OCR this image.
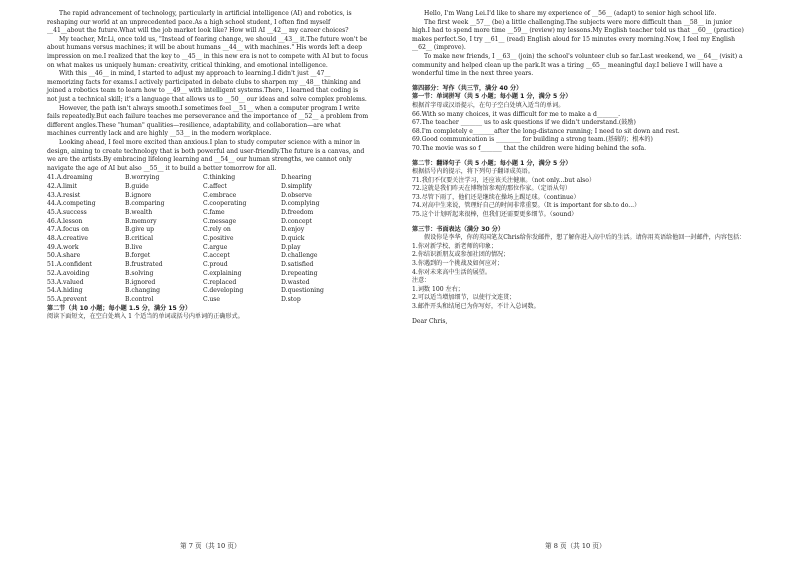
The rapid advancement of technology, particularly in artificial intelligence (AI) and robotics, is reshaping our world at an unprecedented pace.As a high school student, I often find myself __41__about the future.What will the job market look like? How will AI __42__ my career choices?

My teacher, Mr.Li, once told us, "Instead of fearing change, we should __43__ it.The future won't be about humans versus machines; it will be about humans __44__ with machines." His words left a deep impression on me.I realized that the key to __45__ in this new era is not to compete with AI but to focus on what makes us uniquely human: creativity, critical thinking, and emotional intelligence.

With this __46__ in mind, I started to adjust my approach to learning.I didn't just __47__ memorizing facts for exams.I actively participated in debate clubs to sharpen my __48__ thinking and joined a robotics team to learn how to __49__ with intelligent systems.There, I learned that coding is not just a technical skill; it's a language that allows us to __50__ our ideas and solve complex problems.

However, the path isn't always smooth.I sometimes feel __51__ when a computer program I write fails repeatedly.But each failure teaches me perseverance and the importance of __52__ a problem from different angles.These "human" qualities—resilience, adaptability, and collaboration—are what machines currently lack and are highly __53__ in the modern workplace.

Looking ahead, I feel more excited than anxious.I plan to study computer science with a minor in design, aiming to create technology that is both powerful and user-friendly.The future is a canvas, and we are the artists.By embracing lifelong learning and __54__ our human strengths, we cannot only navigate the age of AI but also __55__ it to build a better tomorrow for all.

41.A.dreaming	B.worrying	C.thinking	D.hearing
42.A.limit	B.guide	C.affect	D.simplify
43.A.resist	B.ignore	C.embrace	D.observe
44.A.competing	B.comparing	C.cooperating	D.complying
45.A.success	B.wealth	C.fame	D.freedom
46.A.lesson	B.memory	C.message	D.concept
47.A.focus on	B.give up	C.rely on	D.enjoy
48.A.creative	B.critical	C.positive	D.quick
49.A.work	B.live	C.argue	D.play
50.A.share	B.forget	C.accept	D.challenge
51.A.confident	B.frustrated	C.proud	D.satisfied
52.A.avoiding	B.solving	C.explaining	D.repeating
53.A.valued	B.ignored	C.replaced	D.wasted
54.A.hiding	B.changing	C.developing	D.questioning
55.A.prevent	B.control	C.use	D.stop

第二节（共 10 小题；每小题 1.5 分，满分 15 分）

阅读下面短文，在空白处填入 1 个适当的单词或括号内单词的正确形式。

第 7 页（共 10 页）

Hello, I'm Wang Lei.I'd like to share my experience of __56__ (adapt) to senior high school life.

The first week __57__ (be) a little challenging.The subjects were more difficult than __58__ in junior high.I had to spend more time __59__ (review) my lessons.My English teacher told us that __60__ (practice) makes perfect.So, I try __61__ (read) English aloud for 15 minutes every morning.Now, I feel my English __62__ (improve).

To make new friends, I __63__ (join) the school's volunteer club so far.Last weekend, we __64__ (visit) a community and helped clean up the park.It was a tiring __65__ meaningful day.I believe I will have a wonderful time in the next three years.

第四部分：写作（共三节，满分 40 分）

第一节：单词拼写（共 5 小题；每小题 1 分，满分 5 分）

根据首字母或汉语提示，在句子空白处填入适当的单词。

66.With so many choices, it was difficult for me to make a d_______.

67.The teacher _______ us to ask questions if we didn't understand.(鼓励)

68.I'm completely e_______after the long-distance running; I need to sit down and rest.

69.Good communication is ________ for building a strong team.(基础的；根本的)

70.The movie was so f_______ that the children were hiding behind the sofa.

第二节：翻译句子（共 5 小题；每小题 1 分，满分 5 分）

根据括号内的提示，将下列句子翻译成英语。

71.我们不仅要关注学习，还应该关注健康。（not only...but also）

72.这就是我们昨天在博物馆参观的那位作家。（定语从句）

73.尽管下雨了，他们还是继续在操场上踢足球。（continue）

74.对高中生来说，管理好自己的时间非常重要。（It is important for sb.to do...）

75.这个计划听起来很棒，但我们还需要更多细节。（sound）

第三节：书面表达（满分 30 分）

假设你是李华，你的英国笔友Chris给你发邮件，想了解你进入高中后的生活。请你用英语给他回一封邮件，内容包括：

1.你对新学校、新老师的印象；

2.你结识新朋友或参加社团的情况；

3.你遇到的一个挑战及如何应对；

4.你对未来高中生活的展望。

注意：

1.词数 100 左右；

2.可以适当增加细节，以使行文连贯；

3.邮件开头和结尾已为你写好，不计入总词数。

Dear Chris,

第 8 页（共 10 页）
